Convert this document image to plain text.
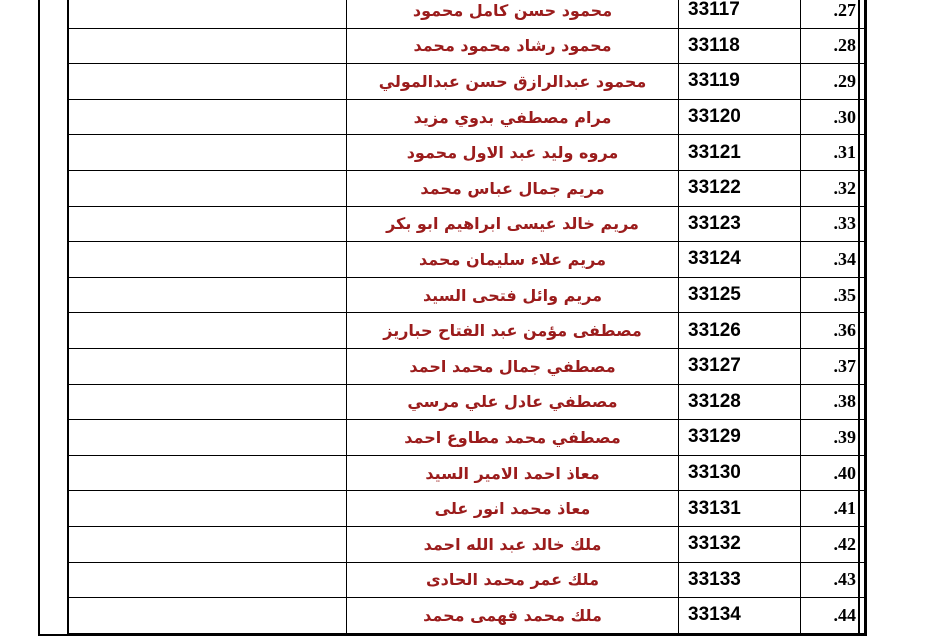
	محمود حسن كامل محمود	33117	.27
	محمود رشاد محمود محمد	33118	.28
	محمود عبدالرازق حسن عبدالمولي	33119	.29
	مرام مصطفي بدوي مزيد	33120	.30
	مروه وليد عبد الاول محمود	33121	.31
	مريم جمال عباس محمد	33122	.32
	مريم خالد عيسى ابراهيم ابو بكر	33123	.33
	مريم علاء سليمان محمد	33124	.34
	مريم وائل فتحى السيد	33125	.35
	مصطفى مؤمن عبد الفتاح حباريز	33126	.36
	مصطفي جمال محمد احمد	33127	.37
	مصطفي عادل علي مرسي	33128	.38
	مصطفي محمد مطاوع احمد	33129	.39
	معاذ احمد الامير السيد	33130	.40
	معاذ محمد انور على	33131	.41
	ملك خالد عبد الله احمد	33132	.42
	ملك عمر محمد الحادى	33133	.43
	ملك محمد فهمى محمد	33134	.44
